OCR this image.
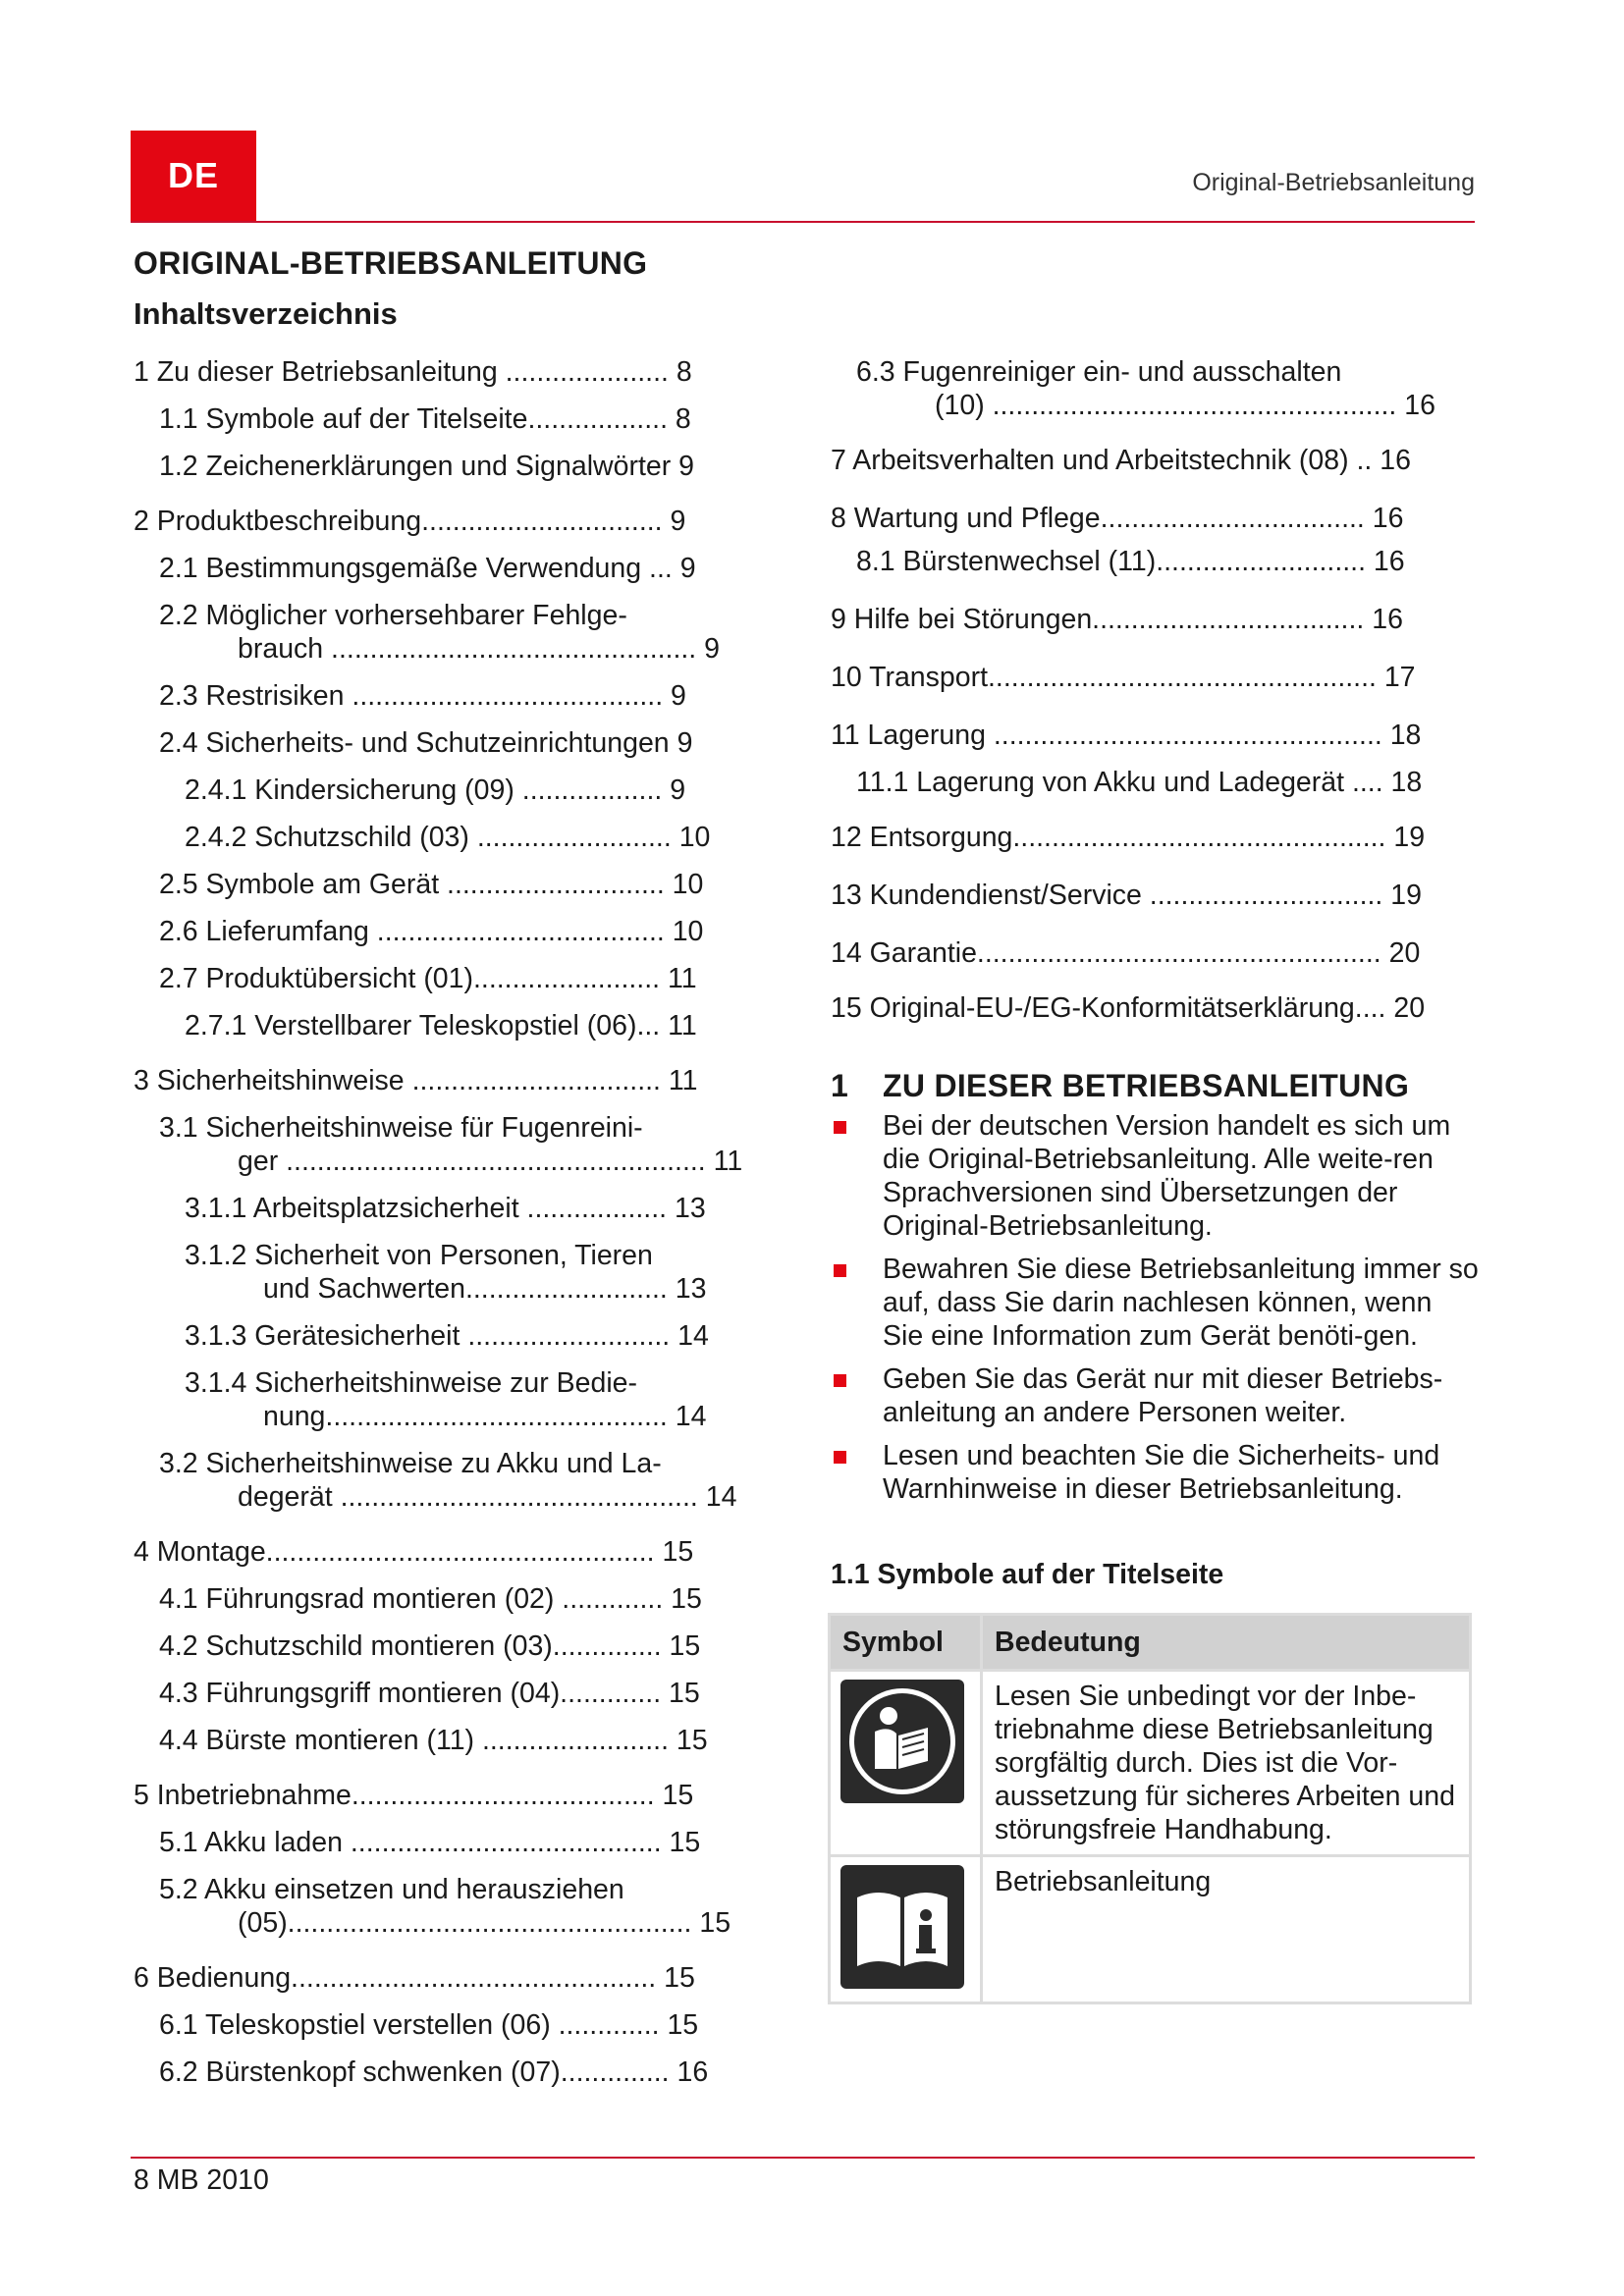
DE	Original-Betriebsanleitung
ORIGINAL-BETRIEBSANLEITUNG
Inhaltsverzeichnis
1 Zu dieser Betriebsanleitung ..................... 8
1.1 Symbole auf der Titelseite.................. 8
1.2 Zeichenerklärungen und Signalwörter 9
2 Produktbeschreibung............................... 9
2.1 Bestimmungsgemäße Verwendung ... 9
2.2 Möglicher vorhersehbarer Fehlge-
brauch ............................................... 9
2.3 Restrisiken ........................................ 9
2.4 Sicherheits- und Schutzeinrichtungen 9
2.4.1 Kindersicherung (09) .................. 9
2.4.2 Schutzschild (03) ......................... 10
2.5 Symbole am Gerät ............................ 10
2.6 Lieferumfang ..................................... 10
2.7 Produktübersicht (01)........................ 11
2.7.1 Verstellbarer Teleskopstiel (06)... 11
3 Sicherheitshinweise ................................ 11
3.1 Sicherheitshinweise für Fugenreini-
ger ...................................................... 11
3.1.1 Arbeitsplatzsicherheit .................. 13
3.1.2 Sicherheit von Personen, Tieren
und Sachwerten.......................... 13
3.1.3 Gerätesicherheit .......................... 14
3.1.4 Sicherheitshinweise zur Bedie-
nung............................................ 14
3.2 Sicherheitshinweise zu Akku und La-
degerät .............................................. 14
4 Montage.................................................. 15
4.1 Führungsrad montieren (02) ............. 15
4.2 Schutzschild montieren (03).............. 15
4.3 Führungsgriff montieren (04)............. 15
4.4 Bürste montieren (11) ........................ 15
5 Inbetriebnahme....................................... 15
5.1 Akku laden ........................................ 15
5.2 Akku einsetzen und herausziehen
(05).................................................... 15
6 Bedienung............................................... 15
6.1 Teleskopstiel verstellen (06) ............. 15
6.2 Bürstenkopf schwenken (07).............. 16
6.3 Fugenreiniger ein- und ausschalten
(10) .................................................... 16
7 Arbeitsverhalten und Arbeitstechnik (08) .. 16
8 Wartung und Pflege.................................. 16
8.1 Bürstenwechsel (11)........................... 16
9 Hilfe bei Störungen................................... 16
10 Transport.................................................. 17
11 Lagerung .................................................. 18
11.1 Lagerung von Akku und Ladegerät .... 18
12 Entsorgung................................................ 19
13 Kundendienst/Service .............................. 19
14 Garantie.................................................... 20
15 Original-EU-/EG-Konformitätserklärung.... 20
1 ZU DIESER BETRIEBSANLEITUNG
Bei der deutschen Version handelt es sich um die Original-Betriebsanleitung. Alle weite-ren Sprachversionen sind Übersetzungen der Original-Betriebsanleitung.
Bewahren Sie diese Betriebsanleitung immer so auf, dass Sie darin nachlesen können, wenn Sie eine Information zum Gerät benöti-gen.
Geben Sie das Gerät nur mit dieser Betriebs-anleitung an andere Personen weiter.
Lesen und beachten Sie die Sicherheits- und Warnhinweise in dieser Betriebsanleitung.
1.1 Symbole auf der Titelseite
Symbol	Bedeutung

	Lesen Sie unbedingt vor der Inbe-triebnahme diese Betriebsanleitung sorgfältig durch. Dies ist die Vor-aussetzung für sicheres Arbeiten und störungsfreie Handhabung.

	Betriebsanleitung
8 MB 2010
